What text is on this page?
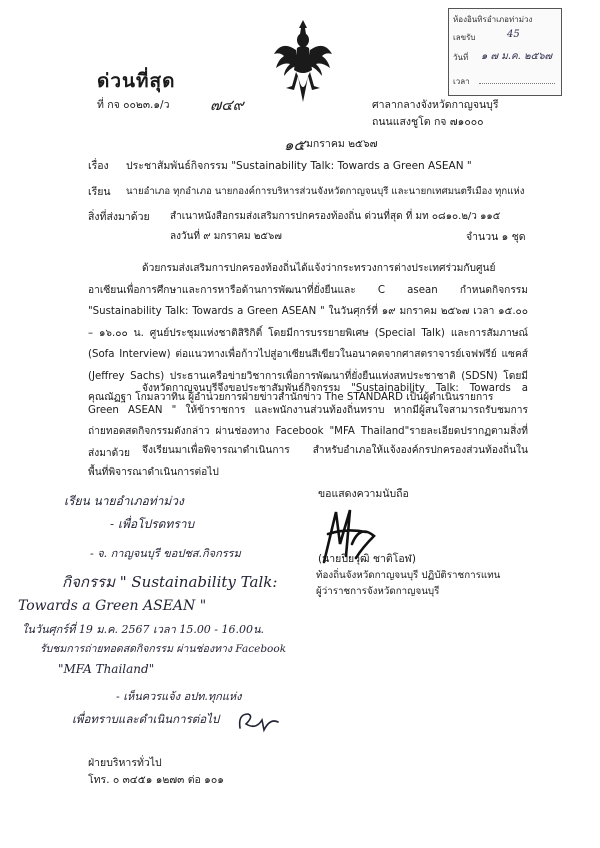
ห้องอินทิรอำเภอท่าม่วง
เลขรับ	45
วันที่ ๑ ๗ ม.ค. ๒๕๖๗
เวลา
ด่วนที่สุด
ที่ กจ ๐๐๒๓.๑/ว	๗๔๙	ศาลากลางจังหวัดกาญจนบุรี
ถนนแสงชูโต กจ ๗๑๐๐๐
๑๕ มกราคม ๒๕๖๗
เรื่อง ประชาสัมพันธ์กิจกรรม "Sustainability Talk: Towards a Green ASEAN "
เรียน นายอำเภอ ทุกอำเภอ นายกองค์การบริหารส่วนจังหวัดกาญจนบุรี และนายกเทศมนตรีเมือง ทุกแห่ง
สิ่งที่ส่งมาด้วย สำเนาหนังสือกรมส่งเสริมการปกครองท้องถิ่น ด่วนที่สุด ที่ มท ๐๘๑๐.๒/ว ๑๑๕
ลงวันที่ ๙ มกราคม ๒๕๖๗	จำนวน ๑ ชุด
ด้วยกรมส่งเสริมการปกครองท้องถิ่นได้แจ้งว่ากระทรวงการต่างประเทศร่วมกับศูนย์อาเซียนเพื่อการศึกษาและการหารือด้านการพัฒนาที่ยั่งยืนและ C asean กำหนดกิจกรรม "Sustainability Talk: Towards a Green ASEAN " ในวันศุกร์ที่ ๑๙ มกราคม ๒๕๖๗ เวลา ๑๕.๐๐ – ๑๖.๐๐ น. ศูนย์ประชุมแห่งชาติสิริกิติ์ โดยมีการบรรยายพิเศษ (Special Talk) และการสัมภาษณ์ (Sofa Interview) ต่อแนวทางเพื่อก้าวไปสู่อาเซียนสีเขียวในอนาคตจากศาสตราจารย์เจฟฟรีย์ แซคส์ (Jeffrey Sachs) ประธานเครือข่ายวิชาการเพื่อการพัฒนาที่ยั่งยืนแห่งสหประชาชาติ (SDSN) โดยมีคุณณัฏฐา โกมลวาทิน ผู้อำนวยการฝ่ายข่าวสำนักข่าว The STANDARD เป็นผู้ดำเนินรายการ
จังหวัดกาญจนบุรีจึงขอประชาสัมพันธ์กิจกรรม "Sustainability Talk: Towards a Green ASEAN " ให้ข้าราชการ และพนักงานส่วนท้องถิ่นทราบ หากมีผู้สนใจสามารถรับชมการถ่ายทอดสดกิจกรรมดังกล่าว ผ่านช่องทาง Facebook "MFA Thailand"รายละเอียดปรากฏตามสิ่งที่ส่งมาด้วย	จึงเรียนมาเพื่อพิจารณาดำเนินการ สำหรับอำเภอให้แจ้งองค์กรปกครองส่วนท้องถิ่นในพื้นที่พิจารณาดำเนินการต่อไป
ขอแสดงความนับถือ
(นายปิยวุฒิ ชาติโอฬ)
ท้องถิ่นจังหวัดกาญจนบุรี ปฏิบัติราชการแทน
ผู้ว่าราชการจังหวัดกาญจนบุรี
เรียน นายอำเภอท่าม่วง
- เพื่อโปรดทราบ
- จ. กาญจนบุรี ขอปชส.กิจกรรม
กิจกรรม " Sustainability Talk:
Towards a Green ASEAN "
ในวันศุกร์ที่ 19 ม.ค. 2567 เวลา 15.00 - 16.00น.
รับชมการถ่ายทอดสดกิจกรรม ผ่านช่องทาง Facebook
"MFA Thailand"
- เห็นควรแจ้ง อปท.ทุกแห่ง
เพื่อทราบและดำเนินการต่อไป
ฝ่ายบริหารทั่วไป
โทร. ๐ ๓๔๕๑ ๑๒๗๓ ต่อ ๑๐๑
